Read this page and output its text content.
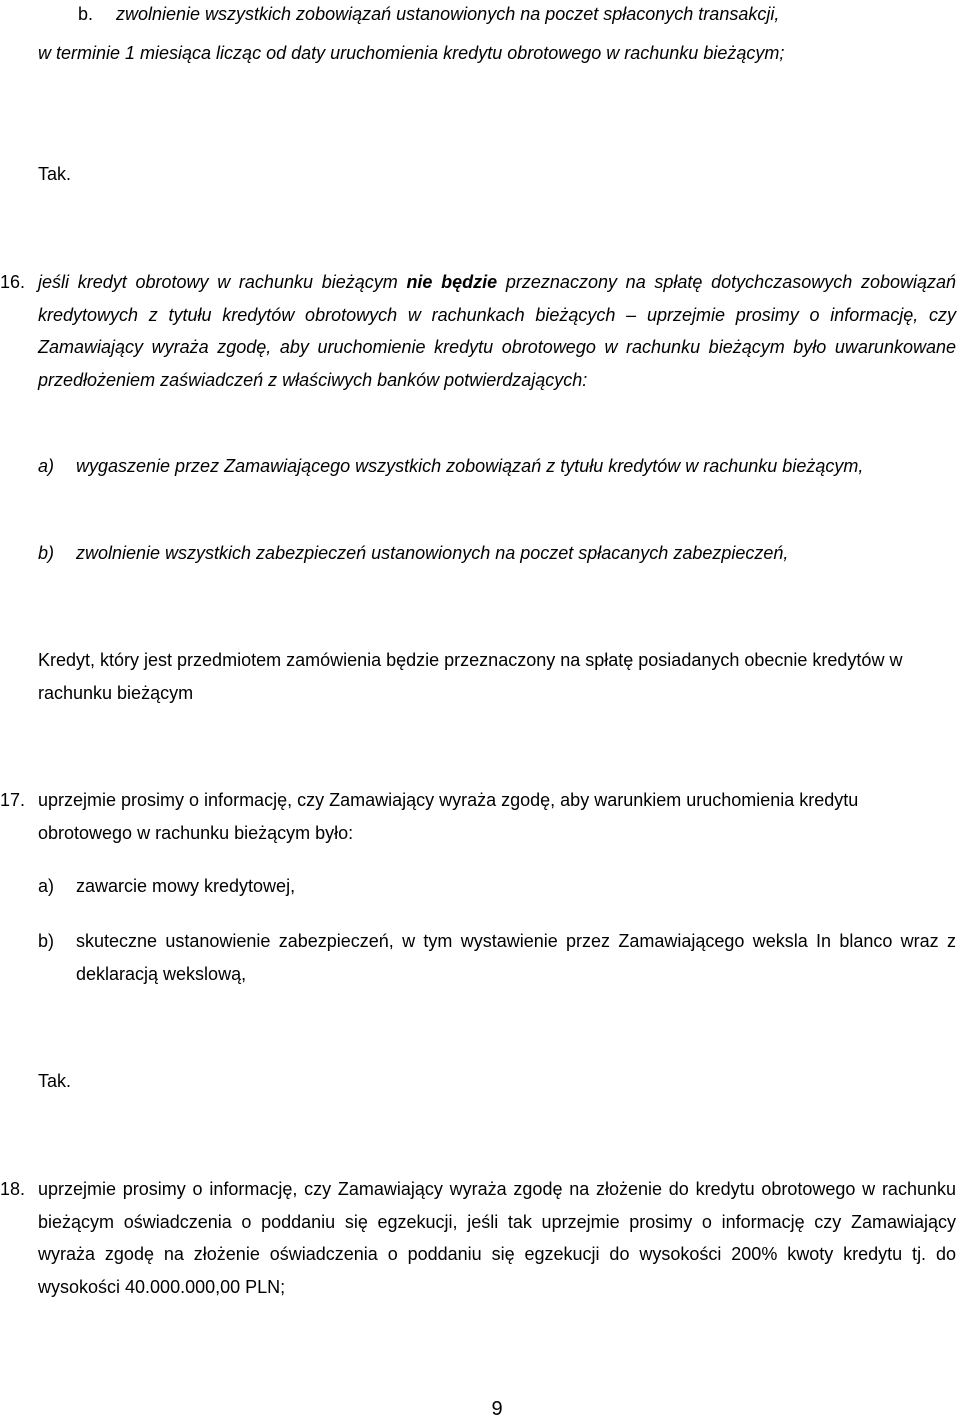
b. zwolnienie wszystkich zobowiązań ustanowionych na poczet spłaconych transakcji,
w terminie 1 miesiąca licząc od daty uruchomienia kredytu obrotowego w rachunku bieżącym;
Tak.
16. jeśli kredyt obrotowy w rachunku bieżącym nie będzie przeznaczony na spłatę dotychczasowych zobowiązań kredytowych z tytułu kredytów obrotowych w rachunkach bieżących – uprzejmie prosimy o informację, czy Zamawiający wyraża zgodę, aby uruchomienie kredytu obrotowego w rachunku bieżącym było uwarunkowane przedłożeniem zaświadczeń z właściwych banków potwierdzających:
a) wygaszenie przez Zamawiającego wszystkich zobowiązań z tytułu kredytów w rachunku bieżącym,
b) zwolnienie wszystkich zabezpieczeń ustanowionych na poczet spłacanych zabezpieczeń,
Kredyt, który jest przedmiotem zamówienia będzie przeznaczony na spłatę posiadanych obecnie kredytów w rachunku bieżącym
17. uprzejmie prosimy o informację, czy Zamawiający wyraża zgodę, aby warunkiem uruchomienia kredytu obrotowego w rachunku bieżącym było:
a) zawarcie mowy kredytowej,
b) skuteczne ustanowienie zabezpieczeń, w tym wystawienie przez Zamawiającego weksla In blanco wraz z deklaracją wekslową,
Tak.
18. uprzejmie prosimy o informację, czy Zamawiający wyraża zgodę na złożenie do kredytu obrotowego w rachunku bieżącym oświadczenia o poddaniu się egzekucji, jeśli tak uprzejmie prosimy o informację czy Zamawiający wyraża zgodę na złożenie oświadczenia o poddaniu się egzekucji do wysokości 200% kwoty kredytu tj. do wysokości 40.000.000,00 PLN;
9
